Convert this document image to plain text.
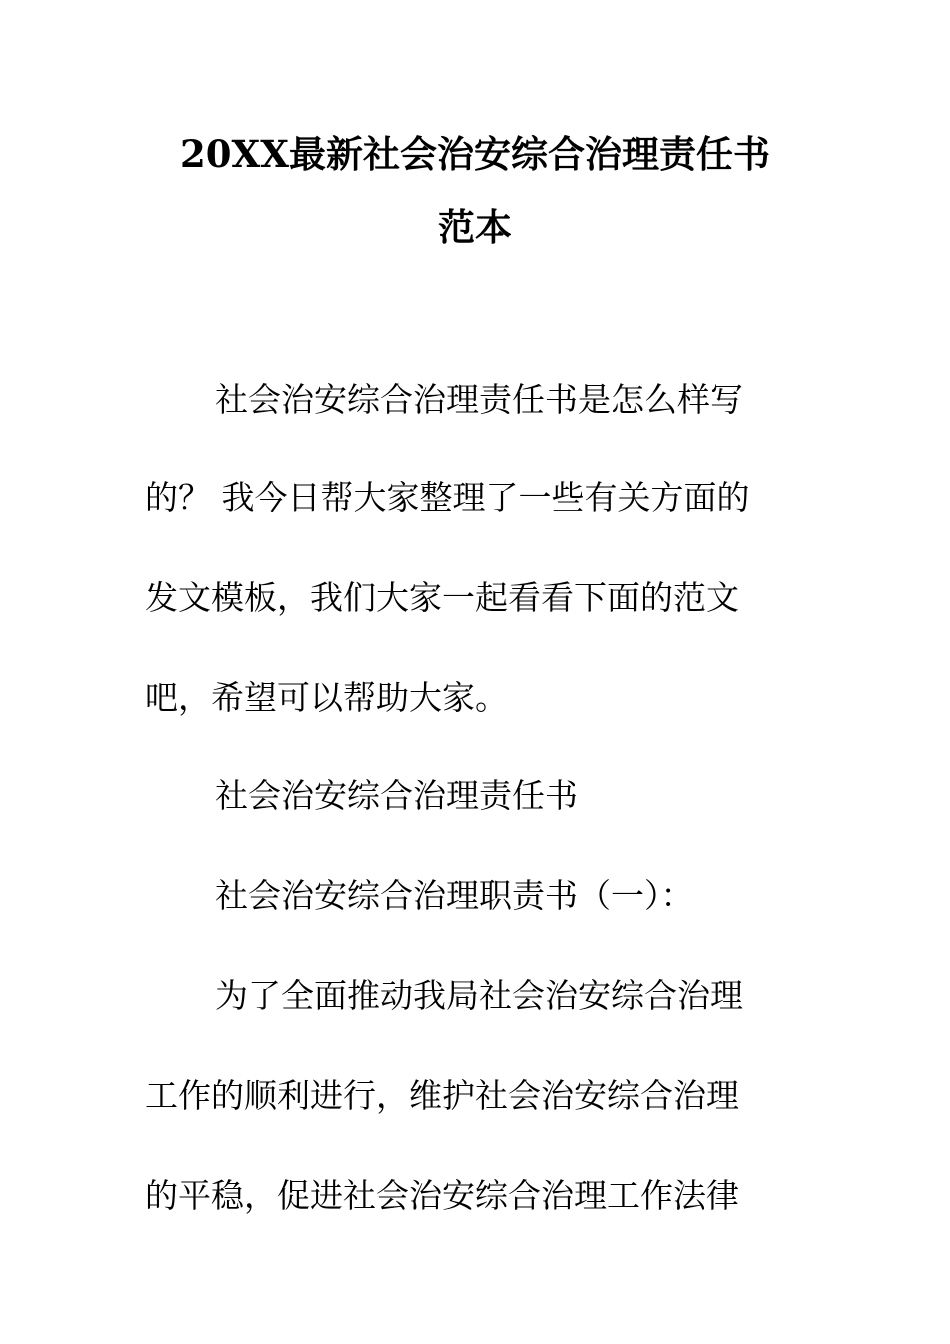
20XX最新社会治安综合治理责任书
范本

社会治安综合治理责任书是怎么样写

的？ 我今日帮大家整理了一些有关方面的

发文模板，我们大家一起看看下面的范文

吧，希望可以帮助大家。

社会治安综合治理责任书

社会治安综合治理职责书（一）：

为了全面推动我局社会治安综合治理

工作的顺利进行，维护社会治安综合治理

的平稳，促进社会治安综合治理工作法律
